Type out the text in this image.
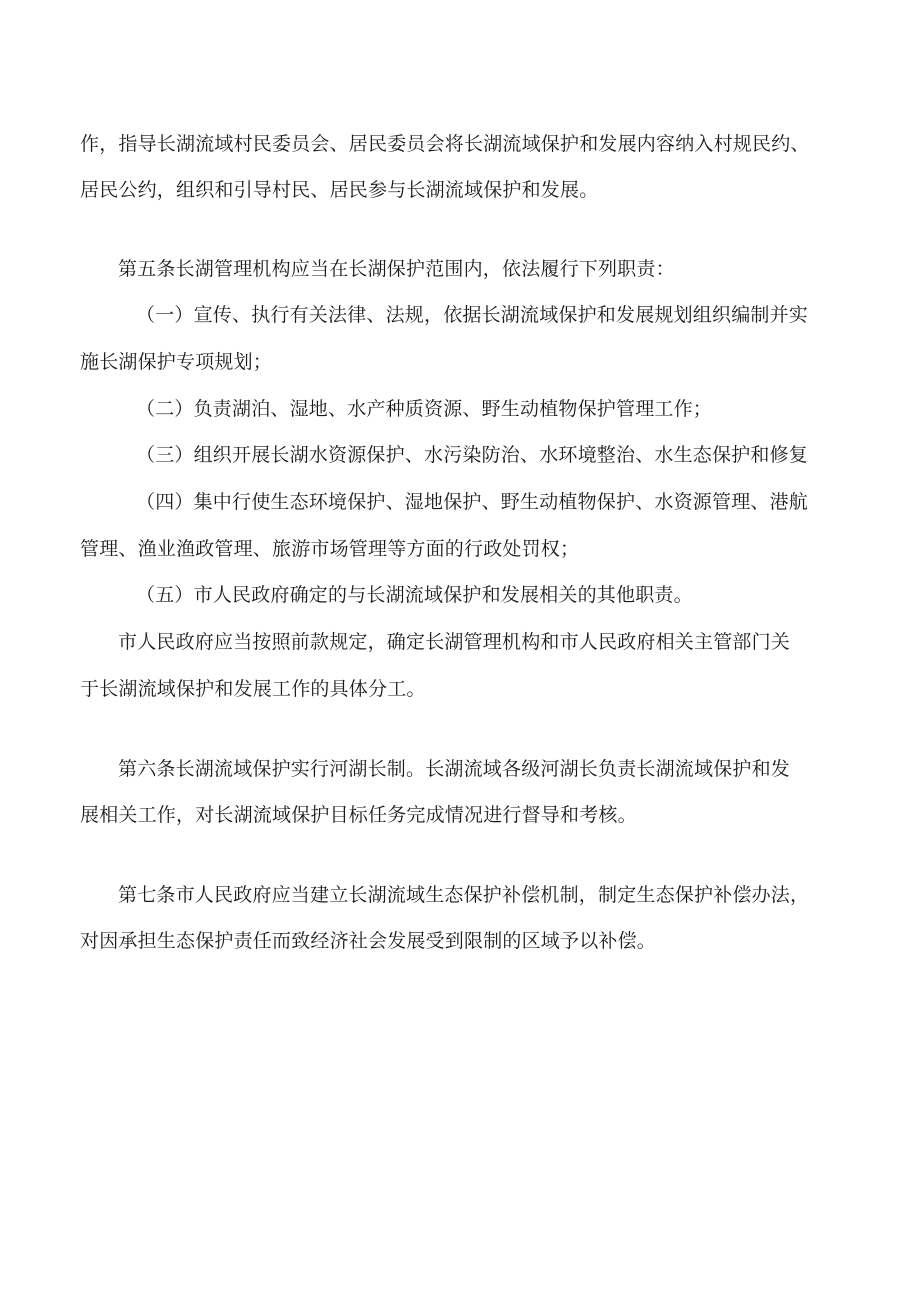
作，指导长湖流域村民委员会、居民委员会将长湖流域保护和发展内容纳入村规民约、
居民公约，组织和引导村民、居民参与长湖流域保护和发展。
第五条长湖管理机构应当在长湖保护范围内，依法履行下列职责：
（一）宣传、执行有关法律、法规，依据长湖流域保护和发展规划组织编制并实
施长湖保护专项规划；
（二）负责湖泊、湿地、水产种质资源、野生动植物保护管理工作；
（三）组织开展长湖水资源保护、水污染防治、水环境整治、水生态保护和修复
（四）集中行使生态环境保护、湿地保护、野生动植物保护、水资源管理、港航
管理、渔业渔政管理、旅游市场管理等方面的行政处罚权；
（五）市人民政府确定的与长湖流域保护和发展相关的其他职责。
市人民政府应当按照前款规定，确定长湖管理机构和市人民政府相关主管部门关
于长湖流域保护和发展工作的具体分工。
第六条长湖流域保护实行河湖长制。长湖流域各级河湖长负责长湖流域保护和发
展相关工作，对长湖流域保护目标任务完成情况进行督导和考核。
第七条市人民政府应当建立长湖流域生态保护补偿机制，制定生态保护补偿办法，
对因承担生态保护责任而致经济社会发展受到限制的区域予以补偿。
